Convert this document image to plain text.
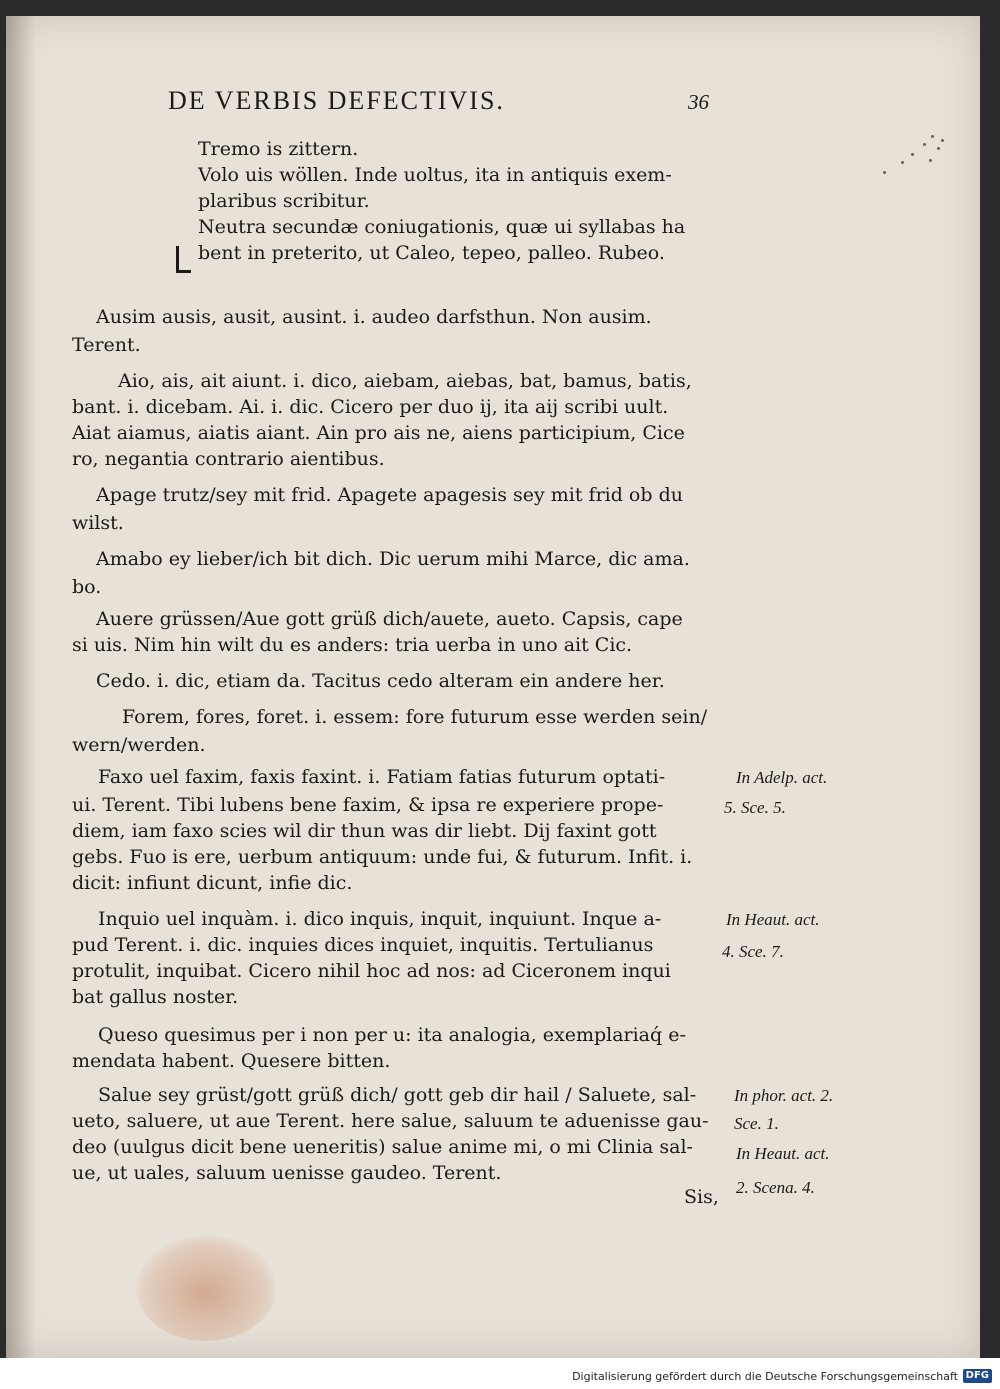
DE VERBIS DEFECTIVIS.	36
Tremo is zittern.
Volo uis wöllen. Inde uoltus, ita in antiquis exem-
plaribus scribitur.
Neutra secundæ coniugationis, quæ ui syllabas ha
bent in preterito, ut Caleo, tepeo, palleo. Rubeo.
Ausim ausis, ausit, ausint. i. audeo darfsthun. Non ausim.
Terent.
Aio, ais, ait aiunt. i. dico, aiebam, aiebas, bat, bamus, batis,
bant. i. dicebam. Ai. i. dic. Cicero per duo ij, ita aij scribi uult.
Aiat aiamus, aiatis aiant. Ain pro ais ne, aiens participium, Cice
ro, negantia contrario aientibus.
Apage trutz/sey mit frid. Apagete apagesis sey mit frid ob du
wilst.
Amabo ey lieber/ich bit dich. Dic uerum mihi Marce, dic ama.
bo.
Auere grüssen/Aue gott grüß dich/auete, aueto. Capsis, cape
si uis. Nim hin wilt du es anders: tria uerba in uno ait Cic.
Cedo. i. dic, etiam da. Tacitus cedo alteram ein andere her.
Forem, fores, foret. i. essem: fore futurum esse werden sein/
wern/werden.
Faxo uel faxim, faxis faxint. i. Fatiam fatias futurum optati-
ui. Terent. Tibi lubens bene faxim, & ipsa re experiere prope-
diem, iam faxo scies wil dir thun was dir liebt. Dij faxint gott
gebs. Fuo is ere, uerbum antiquum: unde fui, & futurum. Infit. i.
dicit: infiunt dicunt, infie dic.
Inquio uel inquàm. i. dico inquis, inquit, inquiunt. Inque a-
pud Terent. i. dic. inquies dices inquiet, inquitis. Tertulianus
protulit, inquibat. Cicero nihil hoc ad nos: ad Ciceronem inqui
bat gallus noster.
Queso quesimus per i non per u: ita analogia, exemplariaq́ e-
mendata habent. Quesere bitten.
Salue sey grüst/gott grüß dich/ gott geb dir hail / Saluete, sal-
ueto, saluere, ut aue Terent. here salue, saluum te aduenisse gau-
deo (uulgus dicit bene ueneritis) salue anime mi, o mi Clinia sal-
ue, ut uales, saluum uenisse gaudeo. Terent.
Sis,
In Adelp. act.
5. Sce. 5.
In Heaut. act.
4. Sce. 7.
In phor. act. 2.
Sce. 1.
In Heaut. act.
2. Scena. 4.
Digitalisierung gefördert durch die Deutsche Forschungsgemeinschaft DFG
